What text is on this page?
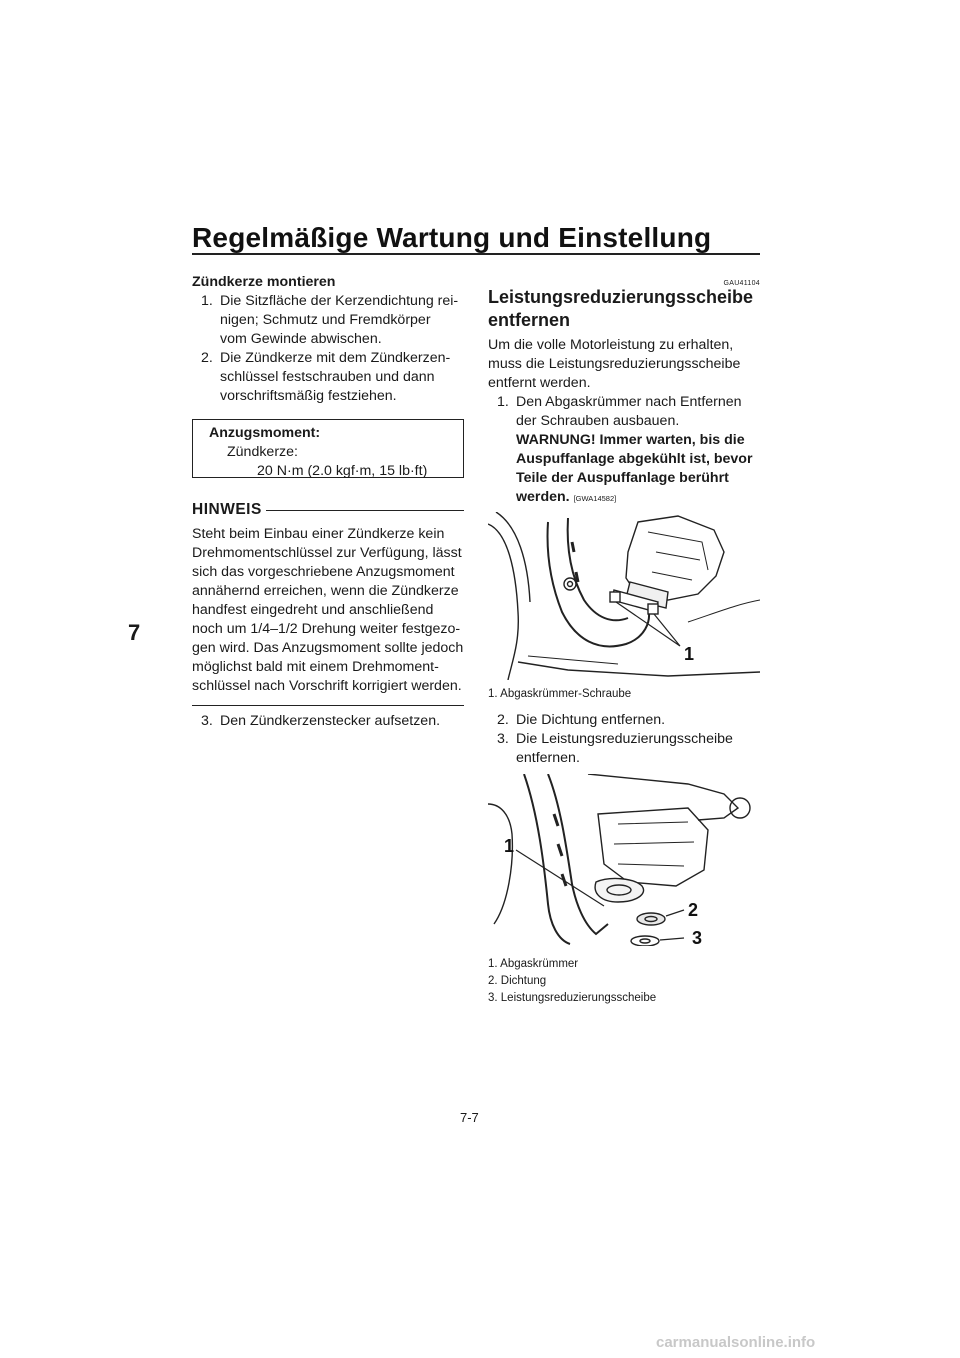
Regelmäßige Wartung und Einstellung
7

Zündkerze montieren

1. Die Sitzfläche der Kerzendichtung rei-

nigen; Schmutz und Fremdkörper

vom Gewinde abwischen.

2. Die Zündkerze mit dem Zündkerzen-

schlüssel festschrauben und dann

vorschriftsmäßig festziehen.

Anzugsmoment:

Zündkerze:

20 N·m (2.0 kgf·m, 15 lb·ft)

HINWEIS

Steht beim Einbau einer Zündkerze kein

Drehmomentschlüssel zur Verfügung, lässt

sich das vorgeschriebene Anzugsmoment

annähernd erreichen, wenn die Zündkerze

handfest eingedreht und anschließend

noch um 1/4–1/2 Drehung weiter festgezo-

gen wird. Das Anzugsmoment sollte jedoch

möglichst bald mit einem Drehmoment-

schlüssel nach Vorschrift korrigiert werden.

3. Den Zündkerzenstecker aufsetzen.

GAU41104
Leistungsreduzierungsscheibe
entfernen

Um die volle Motorleistung zu erhalten,

muss die Leistungsreduzierungsscheibe

entfernt werden.

1. Den Abgaskrümmer nach Entfernen

der Schrauben ausbauen.

WARNUNG! Immer warten, bis die

Auspuffanlage abgekühlt ist, bevor

Teile der Auspuffanlage berührt

werden. [GWA14582]

1

1. Abgaskrümmer-Schraube

2. Die Dichtung entfernen.

3. Die Leistungsreduzierungsscheibe

entfernen.

1
2
3

1. Abgaskrümmer

2. Dichtung

3. Leistungsreduzierungsscheibe

7-7
carmanualsonline.info
